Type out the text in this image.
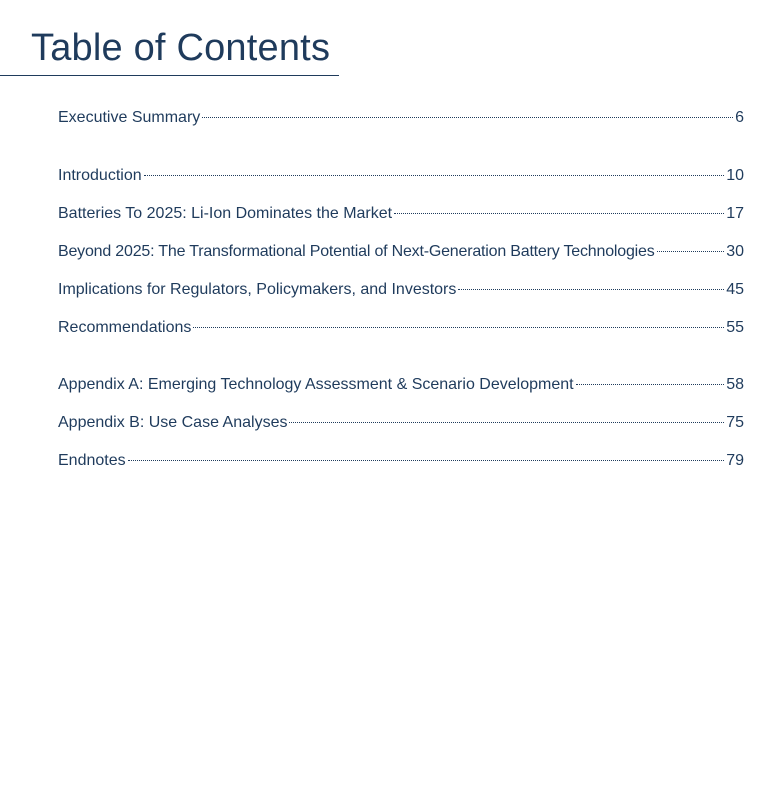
Table of Contents
Executive Summary	6
Introduction	10
Batteries To 2025: Li-Ion Dominates the Market	17
Beyond 2025: The Transformational Potential of Next-Generation Battery Technologies	30
Implications for Regulators, Policymakers, and Investors	45
Recommendations	55
Appendix A: Emerging Technology Assessment & Scenario Development	58
Appendix B: Use Case Analyses	75
Endnotes	79
